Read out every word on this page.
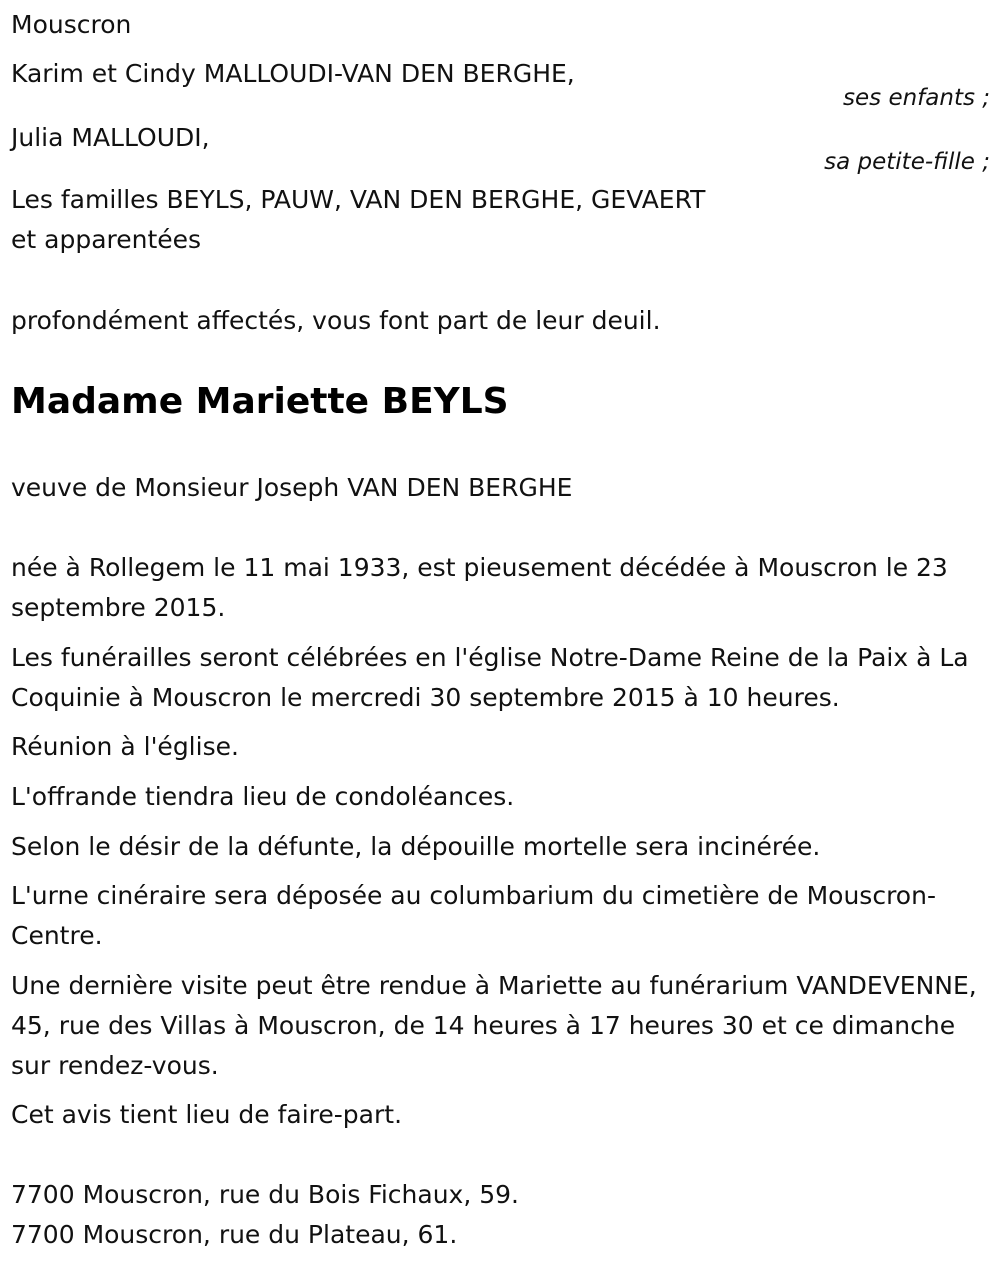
Mouscron
Karim et Cindy MALLOUDI-VAN DEN BERGHE,
ses enfants ;
Julia MALLOUDI,
sa petite-fille ;
Les familles BEYLS, PAUW, VAN DEN BERGHE, GEVAERT
et apparentées
profondément affectés, vous font part de leur deuil.
Madame Mariette BEYLS
veuve de Monsieur Joseph VAN DEN BERGHE
née à Rollegem le 11 mai 1933, est pieusement décédée à Mouscron le 23 septembre 2015.
Les funérailles seront célébrées en l'église Notre-Dame Reine de la Paix à La Coquinie à Mouscron le mercredi 30 septembre 2015 à 10 heures.
Réunion à l'église.
L'offrande tiendra lieu de condoléances.
Selon le désir de la défunte, la dépouille mortelle sera incinérée.
L'urne cinéraire sera déposée au columbarium du cimetière de Mouscron-Centre.
Une dernière visite peut être rendue à Mariette au funérarium VANDEVENNE, 45, rue des Villas à Mouscron, de 14 heures à 17 heures 30 et ce dimanche sur rendez-vous.
Cet avis tient lieu de faire-part.
7700 Mouscron, rue du Bois Fichaux, 59.
7700 Mouscron, rue du Plateau, 61.
